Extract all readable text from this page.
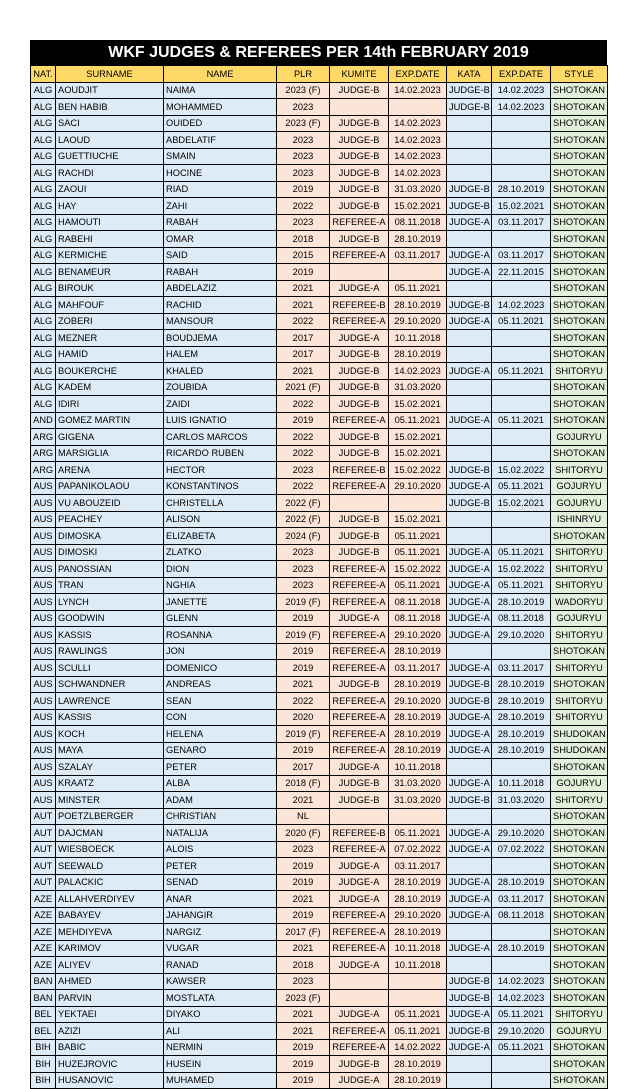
WKF JUDGES & REFEREES PER 14th FEBRUARY 2019
NAT.	SURNAME	NAME	PLR	KUMITE	EXP.DATE	KATA	EXP.DATE	STYLE
ALG	AOUDJIT	NAIMA	2023 (F)	JUDGE-B	14.02.2023	JUDGE-B	14.02.2023	SHOTOKAN
ALG	BEN HABIB	MOHAMMED	2023			JUDGE-B	14.02.2023	SHOTOKAN
ALG	SACI	OUIDED	2023 (F)	JUDGE-B	14.02.2023			SHOTOKAN
ALG	LAOUD	ABDELATIF	2023	JUDGE-B	14.02.2023			SHOTOKAN
ALG	GUETTIUCHE	SMAIN	2023	JUDGE-B	14.02.2023			SHOTOKAN
ALG	RACHDI	HOCINE	2023	JUDGE-B	14.02.2023			SHOTOKAN
ALG	ZAOUI	RIAD	2019	JUDGE-B	31.03.2020	JUDGE-B	28.10.2019	SHOTOKAN
ALG	HAY	ZAHI	2022	JUDGE-B	15.02.2021	JUDGE-B	15.02.2021	SHOTOKAN
ALG	HAMOUTI	RABAH	2023	REFEREE-A	08.11.2018	JUDGE-A	03.11.2017	SHOTOKAN
ALG	RABEHI	OMAR	2018	JUDGE-B	28.10.2019			SHOTOKAN
ALG	KERMICHE	SAID	2015	REFEREE-A	03.11.2017	JUDGE-A	03.11.2017	SHOTOKAN
ALG	BENAMEUR	RABAH	2019			JUDGE-A	22.11.2015	SHOTOKAN
ALG	BIROUK	ABDELAZIZ	2021	JUDGE-A	05.11.2021			SHOTOKAN
ALG	MAHFOUF	RACHID	2021	REFEREE-B	28.10.2019	JUDGE-B	14.02.2023	SHOTOKAN
ALG	ZOBERI	MANSOUR	2022	REFEREE-A	29.10.2020	JUDGE-A	05.11.2021	SHOTOKAN
ALG	MEZNER	BOUDJEMA	2017	JUDGE-A	10.11.2018			SHOTOKAN
ALG	HAMID	HALEM	2017	JUDGE-B	28.10.2019			SHOTOKAN
ALG	BOUKERCHE	KHALED	2021	JUDGE-B	14.02.2023	JUDGE-A	05.11.2021	SHITORYU
ALG	KADEM	ZOUBIDA	2021 (F)	JUDGE-B	31.03.2020			SHOTOKAN
ALG	IDIRI	ZAIDI	2022	JUDGE-B	15.02.2021			SHOTOKAN
AND	GOMEZ MARTIN	LUIS IGNATIO	2019	REFEREE-A	05.11.2021	JUDGE-A	05.11.2021	SHOTOKAN
ARG	GIGENA	CARLOS MARCOS	2022	JUDGE-B	15.02.2021			GOJURYU
ARG	MARSIGLIA	RICARDO RUBEN	2022	JUDGE-B	15.02.2021			SHOTOKAN
ARG	ARENA	HECTOR	2023	REFEREE-B	15.02.2022	JUDGE-B	15.02.2022	SHITORYU
AUS	PAPANIKOLAOU	KONSTANTINOS	2022	REFEREE-A	29.10.2020	JUDGE-A	05.11.2021	GOJURYU
AUS	VU ABOUZEID	CHRISTELLA	2022 (F)			JUDGE-B	15.02.2021	GOJURYU
AUS	PEACHEY	ALISON	2022 (F)	JUDGE-B	15.02.2021			ISHINRYU
AUS	DIMOSKA	ELIZABETA	2024 (F)	JUDGE-B	05.11.2021			SHOTOKAN
AUS	DIMOSKI	ZLATKO	2023	JUDGE-B	05.11.2021	JUDGE-A	05.11.2021	SHITORYU
AUS	PANOSSIAN	DION	2023	REFEREE-A	15.02.2022	JUDGE-A	15.02.2022	SHITORYU
AUS	TRAN	NGHIA	2023	REFEREE-A	05.11.2021	JUDGE-A	05.11.2021	SHITORYU
AUS	LYNCH	JANETTE	2019 (F)	REFEREE-A	08.11.2018	JUDGE-A	28.10.2019	WADORYU
AUS	GOODWIN	GLENN	2019	JUDGE-A	08.11.2018	JUDGE-A	08.11.2018	GOJURYU
AUS	KASSIS	ROSANNA	2019 (F)	REFEREE-A	29.10.2020	JUDGE-A	29.10.2020	SHITORYU
AUS	RAWLINGS	JON	2019	REFEREE-A	28.10.2019			SHOTOKAN
AUS	SCULLI	DOMENICO	2019	REFEREE-A	03.11.2017	JUDGE-A	03.11.2017	SHITORYU
AUS	SCHWANDNER	ANDREAS	2021	JUDGE-B	28.10.2019	JUDGE-B	28.10.2019	SHOTOKAN
AUS	LAWRENCE	SEAN	2022	REFEREE-A	29.10.2020	JUDGE-B	28.10.2019	SHITORYU
AUS	KASSIS	CON	2020	REFEREE-A	28.10.2019	JUDGE-A	28.10.2019	SHITORYU
AUS	KOCH	HELENA	2019 (F)	REFEREE-A	28.10.2019	JUDGE-A	28.10.2019	SHUDOKAN
AUS	MAYA	GENARO	2019	REFEREE-A	28.10.2019	JUDGE-A	28.10.2019	SHUDOKAN
AUS	SZALAY	PETER	2017	JUDGE-A	10.11.2018			SHOTOKAN
AUS	KRAATZ	ALBA	2018 (F)	JUDGE-B	31.03.2020	JUDGE-A	10.11.2018	GOJURYU
AUS	MINSTER	ADAM	2021	JUDGE-B	31.03.2020	JUDGE-B	31.03.2020	SHITORYU
AUT	POETZLBERGER	CHRISTIAN	NL					SHOTOKAN
AUT	DAJCMAN	NATALIJA	2020 (F)	REFEREE-B	05.11.2021	JUDGE-A	29.10.2020	SHOTOKAN
AUT	WIESBOECK	ALOIS	2023	REFEREE-A	07.02.2022	JUDGE-A	07.02.2022	SHOTOKAN
AUT	SEEWALD	PETER	2019	JUDGE-A	03.11.2017			SHOTOKAN
AUT	PALACKIC	SENAD	2019	JUDGE-A	28.10.2019	JUDGE-A	28.10.2019	SHOTOKAN
AZE	ALLAHVERDIYEV	ANAR	2021	JUDGE-A	28.10.2019	JUDGE-A	03.11.2017	SHOTOKAN
AZE	BABAYEV	JAHANGIR	2019	REFEREE-A	29.10.2020	JUDGE-A	08.11.2018	SHOTOKAN
AZE	MEHDIYEVA	NARGIZ	2017 (F)	REFEREE-A	28.10.2019			SHOTOKAN
AZE	KARIMOV	VUGAR	2021	REFEREE-A	10.11.2018	JUDGE-A	28.10.2019	SHOTOKAN
AZE	ALIYEV	RANAD	2018	JUDGE-A	10.11.2018			SHOTOKAN
BAN	AHMED	KAWSER	2023			JUDGE-B	14.02.2023	SHOTOKAN
BAN	PARVIN	MOSTLATA	2023 (F)			JUDGE-B	14.02.2023	SHOTOKAN
BEL	YEKTAEI	DIYAKO	2021	JUDGE-A	05.11.2021	JUDGE-A	05.11.2021	SHITORYU
BEL	AZIZI	ALI	2021	REFEREE-A	05.11.2021	JUDGE-B	29.10.2020	GOJURYU
BIH	BABIC	NERMIN	2019	REFEREE-A	14.02.2022	JUDGE-A	05.11.2021	SHOTOKAN
BIH	HUZEJROVIC	HUSEIN	2019	JUDGE-B	28.10.2019			SHOTOKAN
BIH	HUSANOVIC	MUHAMED	2019	JUDGE-A	28.10.2019			SHOTOKAN
